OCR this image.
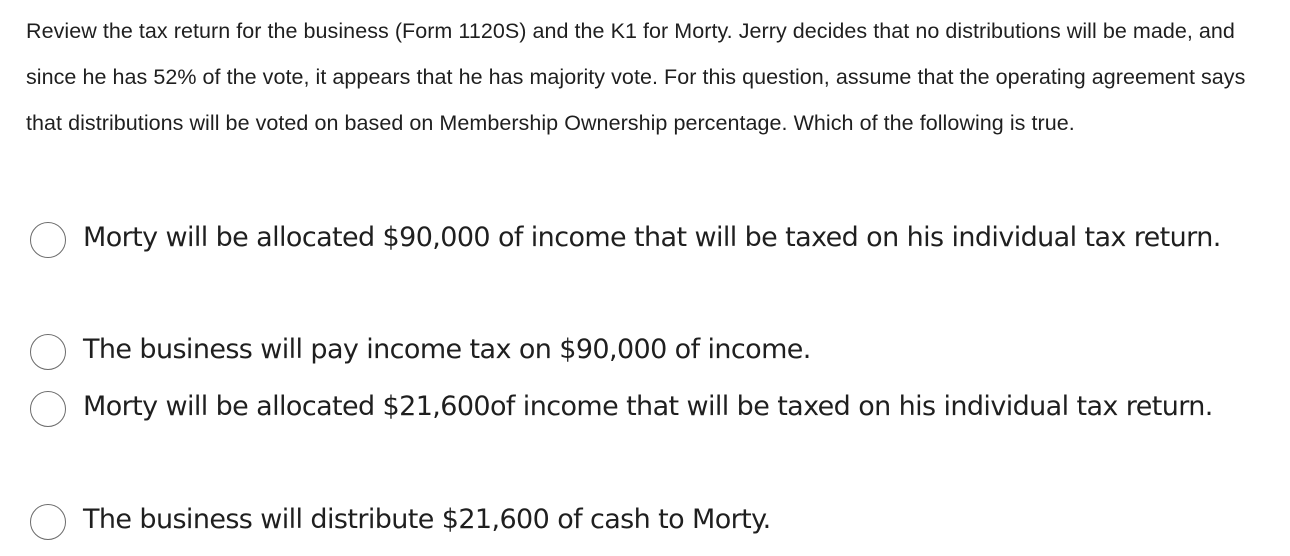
Review the tax return for the business (Form 1120S) and the K1 for Morty. Jerry decides that no distributions will be made, and since he has 52% of the vote, it appears that he has majority vote. For this question, assume that the operating agreement says that distributions will be voted on based on Membership Ownership percentage. Which of the following is true.

Morty will be allocated $90,000 of income that will be taxed on his individual tax return.
The business will pay income tax on $90,000 of income.
Morty will be allocated $21,600of income that will be taxed on his individual tax return.
The business will distribute $21,600 of cash to Morty.
